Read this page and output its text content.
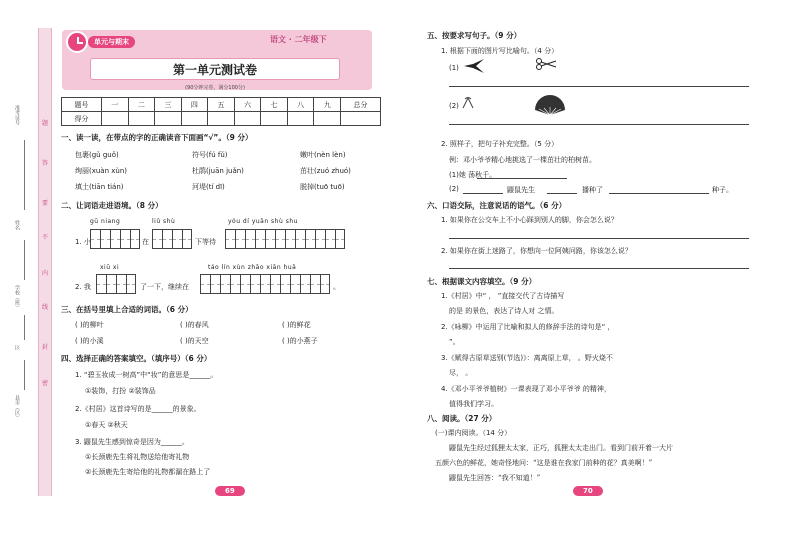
准考证号
姓名
学校（班）
区
县市（区）
题
答
要
不
内
线
封
密
单元与期末	语文 · 二年级下
第一单元测试卷
(90分钟完卷，满分100分)
题号	一	二	三	四	五	六	七	八	九	总分
得分										
一、读一读，在带点的字的正确读音下面画“√”。（9 分）
包裹(gǔ guǒ)	符号(fú fǔ)	嫩叶(nèn lèn)
绚丽(xuàn xùn)	杜鹃(juān juǎn)	茁壮(zuó zhuó)
填土(tiān tián)	河堤(tí dī)	脱掉(tuō tuō)
二、让词语走进语境。（8 分）
gū niang	liǔ shù	yóu dí yuān shù shu
1. 小	在	下等待
xiū xi	táo lín xùn zhāo xiān huā
2. 我	了一下，继续在	。
三、在括号里填上合适的词语。（6 分）
( )的柳叶	( )的春风	( )的鲜花
( )的小溪	( )的天空	( )的小燕子
四、选择正确的答案填空。（填序号）（6 分）
1. “碧玉妆成一树高”中“妆”的意思是______。
①装饰，打扮 ②装饰品
2.《村居》这首诗写的是______的景象。
①春天 ②秋天
3. 鼹鼠先生感到惊奇是因为______。
①长颈鹿先生将礼物送给他寄礼物
②长颈鹿先生寄给他的礼物都漏在路上了
69
五、按要求写句子。（9 分）
1. 根据下面的图片写比喻句。（4 分）
(1)
(2)
2. 照样子，把句子补充完整。（5 分）
例：邓小爷爷精心地挑选了一棵茁壮的柏树苗。
(1)她 荡秋千。
(2)	鼹鼠先生	播种了	种子。
六、口语交际，注意说话的语气。（6 分）
1. 如果你在公交车上不小心踩到别人的脚，你会怎么说？
2. 如果你在街上迷路了，你想向一位阿姨问路，你该怎么说？
七、根据课文内容填空。（9 分）
1.《村居》中“ ， ”直接交代了古诗描写
的是 的景色，表达了诗人对 之情。
2.《咏柳》中运用了比喻和拟人的修辞手法的诗句是“ ，
”。
3.《赋得古原草送别(节选)》：离离原上草， 。野火烧不
尽， 。
4.《邓小平爷爷植树》一课表现了邓小平爷爷 的精神，
值得我们学习。
八、阅读。（27 分）
(一)课内阅读。（14 分）
鼹鼠先生经过狐狸太太家，正巧，狐狸太太走出门。看到门前开着一大片
五颜六色的鲜花，她奇怪地问：“这是谁在我家门前种的花？真美啊！”
鼹鼠先生回答：“我不知道！”
70
